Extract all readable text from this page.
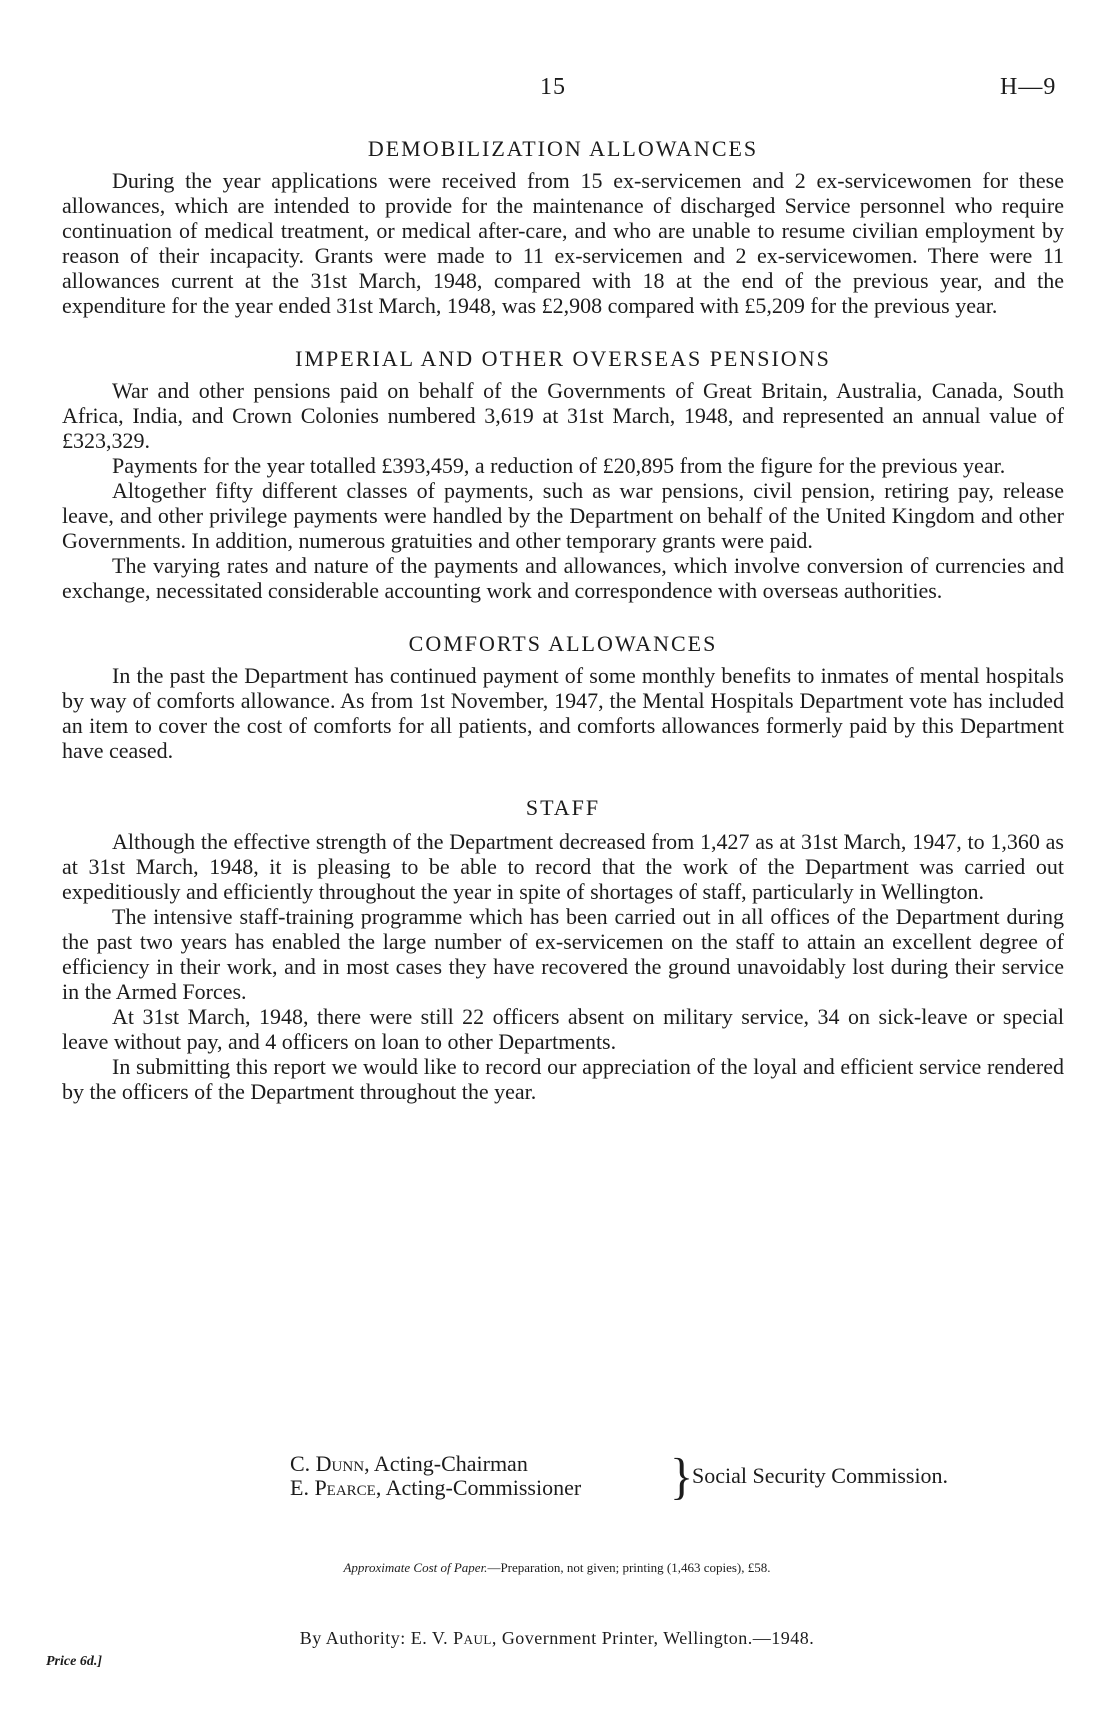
15	H—9
DEMOBILIZATION ALLOWANCES

During the year applications were received from 15 ex-servicemen and 2 ex-servicewomen for these allowances, which are intended to provide for the maintenance of discharged Service personnel who require continuation of medical treatment, or medical after-care, and who are unable to resume civilian employment by reason of their incapacity. Grants were made to 11 ex-servicemen and 2 ex-servicewomen. There were 11 allowances current at the 31st March, 1948, compared with 18 at the end of the previous year, and the expenditure for the year ended 31st March, 1948, was £2,908 compared with £5,209 for the previous year.

IMPERIAL AND OTHER OVERSEAS PENSIONS

War and other pensions paid on behalf of the Governments of Great Britain, Australia, Canada, South Africa, India, and Crown Colonies numbered 3,619 at 31st March, 1948, and represented an annual value of £323,329.

Payments for the year totalled £393,459, a reduction of £20,895 from the figure for the previous year.

Altogether fifty different classes of payments, such as war pensions, civil pension, retiring pay, release leave, and other privilege payments were handled by the Department on behalf of the United Kingdom and other Governments. In addition, numerous gratuities and other temporary grants were paid.

The varying rates and nature of the payments and allowances, which involve conversion of currencies and exchange, necessitated considerable accounting work and correspondence with overseas authorities.

COMFORTS ALLOWANCES

In the past the Department has continued payment of some monthly benefits to inmates of mental hospitals by way of comforts allowance. As from 1st November, 1947, the Mental Hospitals Department vote has included an item to cover the cost of comforts for all patients, and comforts allowances formerly paid by this Department have ceased.

STAFF

Although the effective strength of the Department decreased from 1,427 as at 31st March, 1947, to 1,360 as at 31st March, 1948, it is pleasing to be able to record that the work of the Department was carried out expeditiously and efficiently throughout the year in spite of shortages of staff, particularly in Wellington.

The intensive staff-training programme which has been carried out in all offices of the Department during the past two years has enabled the large number of ex-servicemen on the staff to attain an excellent degree of efficiency in their work, and in most cases they have recovered the ground unavoidably lost during their service in the Armed Forces.

At 31st March, 1948, there were still 22 officers absent on military service, 34 on sick-leave or special leave without pay, and 4 officers on loan to other Departments.

In submitting this report we would like to record our appreciation of the loyal and efficient service rendered by the officers of the Department throughout the year.

C. Dunn, Acting-Chairman
E. Pearce, Acting-Commissioner }
Social Security Commission.
Approximate Cost of Paper.—Preparation, not given; printing (1,463 copies), £58.
By Authority: E. V. Paul, Government Printer, Wellington.—1948.
Price 6d.]
